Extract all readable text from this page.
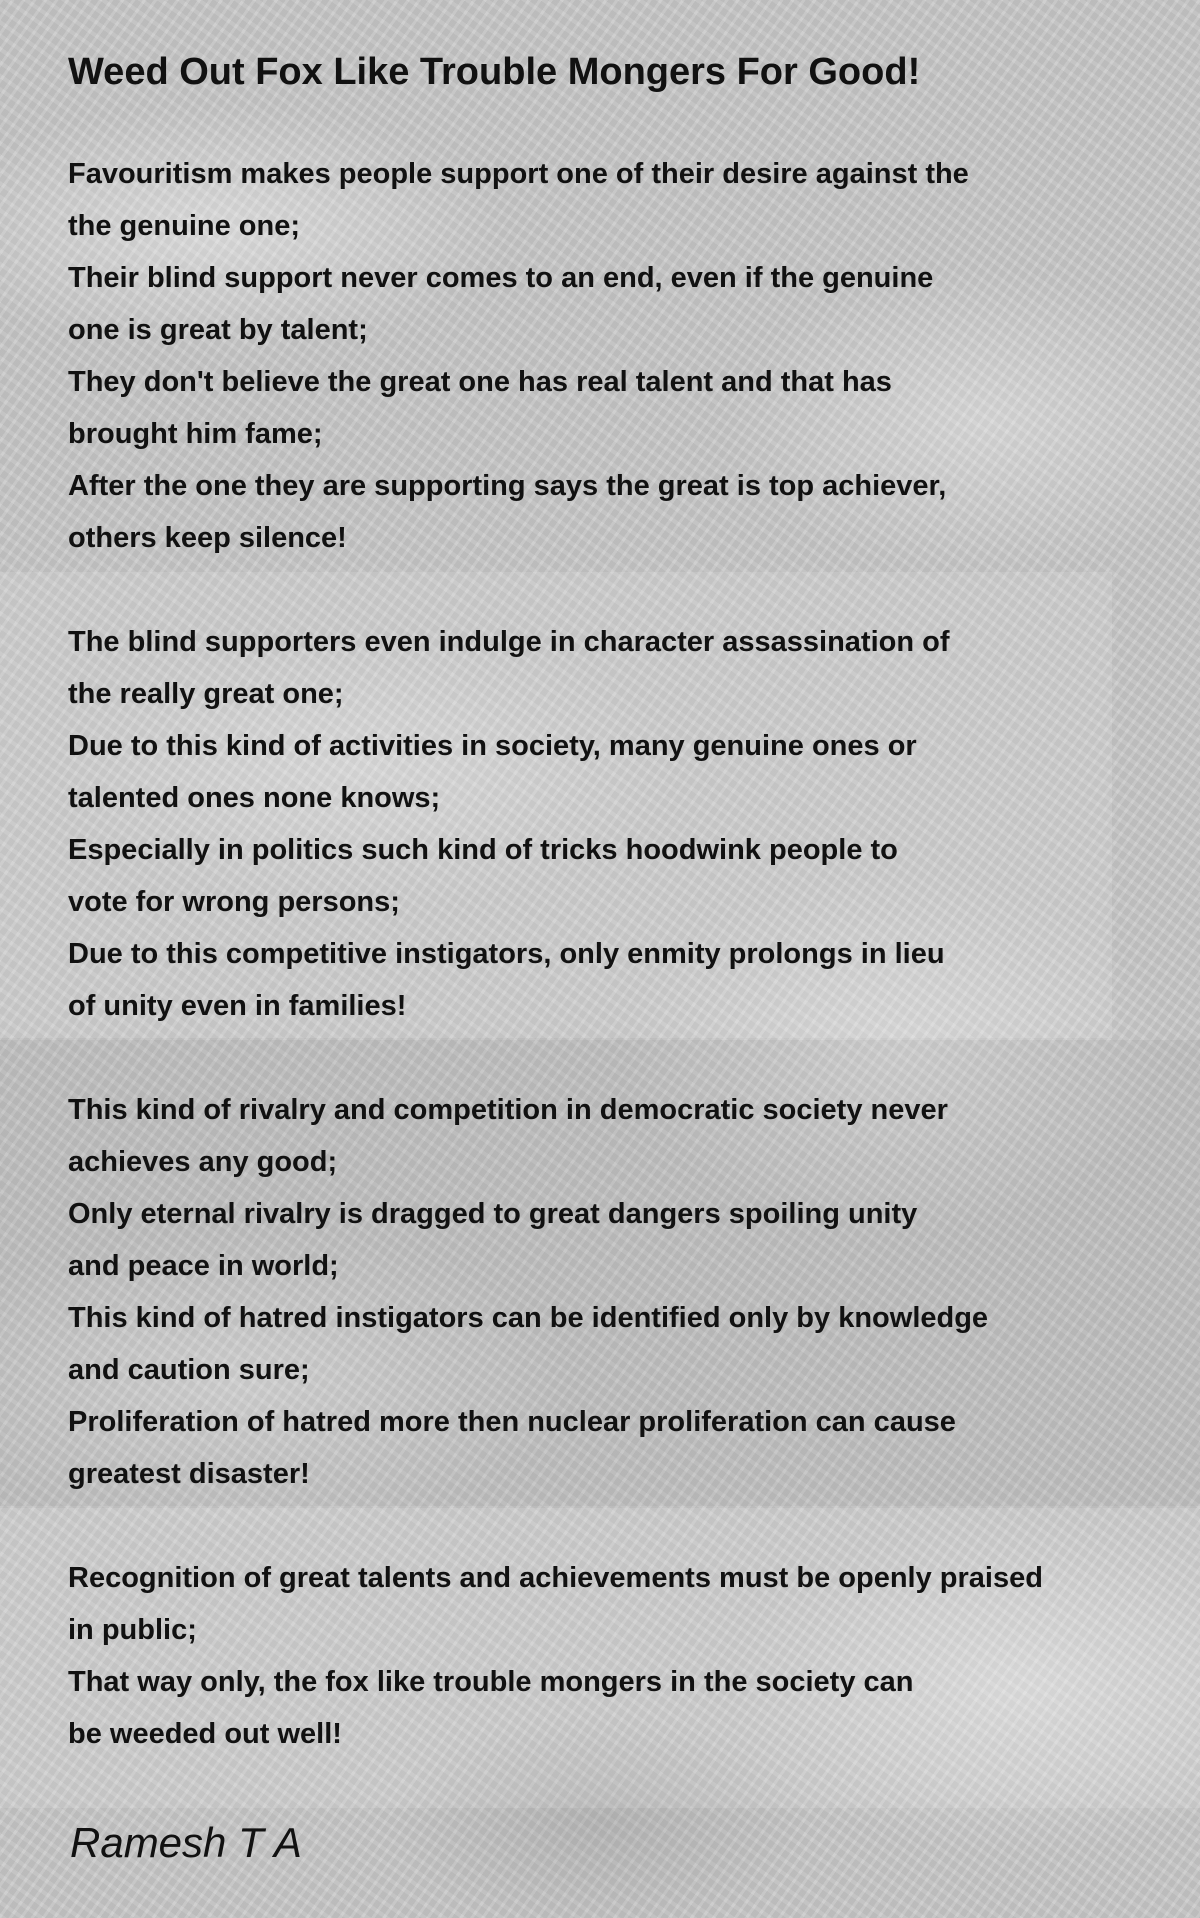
Weed Out Fox Like Trouble Mongers For Good!
Favouritism makes people support one of their desire against the
the genuine one;
Their blind support never comes to an end, even if the genuine
one is great by talent;
They don't believe the great one has real talent and that has
brought him fame;
After the one they are supporting says the great is top achiever,
others keep silence!
The blind supporters even indulge in character assassination of
the really great one;
Due to this kind of activities in society, many genuine ones or
talented ones none knows;
Especially in politics such kind of tricks hoodwink people to
vote for wrong persons;
Due to this competitive instigators, only enmity prolongs in lieu
of unity even in families!
This kind of rivalry and competition in democratic society never
achieves any good;
Only eternal rivalry is dragged to great dangers spoiling unity
and peace in world;
This kind of hatred instigators can be identified only by knowledge
and caution sure;
Proliferation of hatred more then nuclear proliferation can cause
greatest disaster!
Recognition of great talents and achievements must be openly praised
in public;
That way only, the fox like trouble mongers in the society can
be weeded out well!

Ramesh T A
